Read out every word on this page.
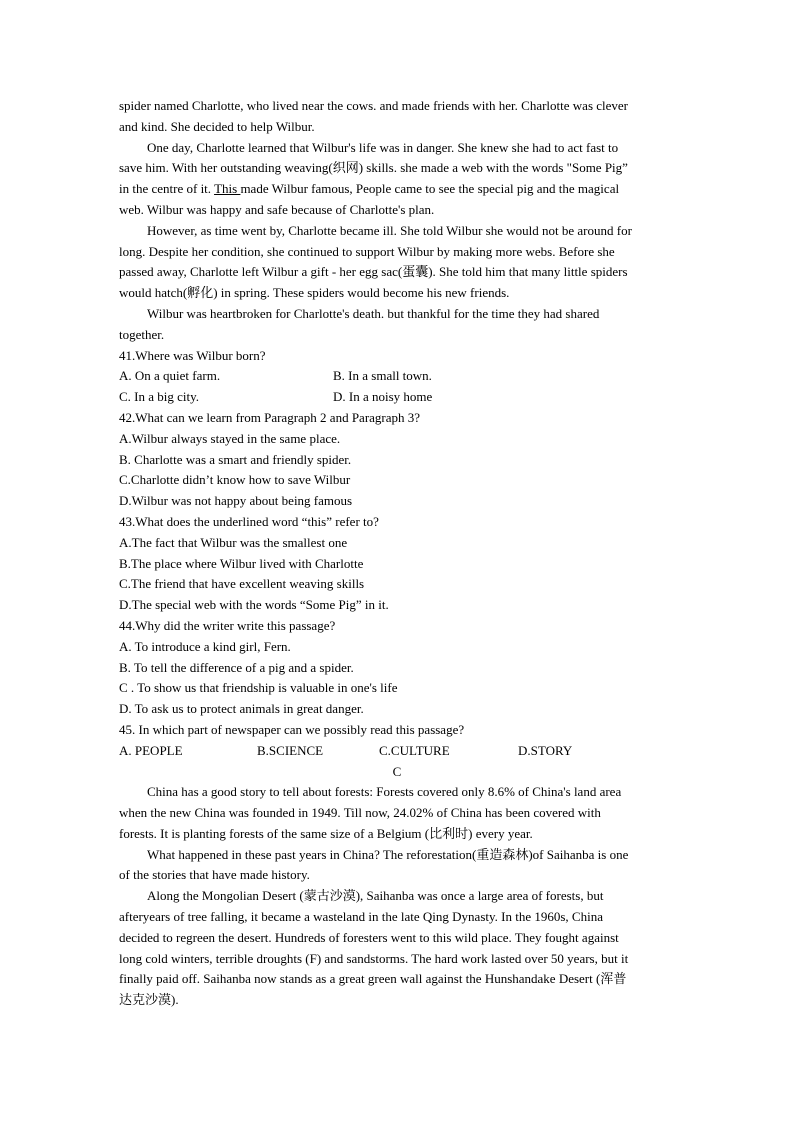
spider named Charlotte, who lived near the cows. and made friends with her. Charlotte was clever
and kind. She decided to help Wilbur.
One day, Charlotte learned that Wilbur's life was in danger. She knew she had to act fast to
save him. With her outstanding weaving(织网) skills. she made a web with the words "Some Pig”
in the centre of it. This made Wilbur famous, People came to see the special pig and the magical
web. Wilbur was happy and safe because of Charlotte's plan.
However, as time went by, Charlotte became ill. She told Wilbur she would not be around for
long. Despite her condition, she continued to support Wilbur by making more webs. Before she
passed away, Charlotte left Wilbur a gift - her egg sac(蛋囊). She told him that many little spiders
would hatch(孵化) in spring. These spiders would become his new friends.
Wilbur was heartbroken for Charlotte's death. but thankful for the time they had shared
together.
41.Where was Wilbur born?
A. On a quiet farm.	B. In a small town.
C. In a big city.	D. In a noisy home
42.What can we learn from Paragraph 2 and Paragraph 3?
A.Wilbur always stayed in the same place.
B. Charlotte was a smart and friendly spider.
C.Charlotte didn’t know how to save Wilbur
D.Wilbur was not happy about being famous
43.What does the underlined word “this” refer to?
A.The fact that Wilbur was the smallest one
B.The place where Wilbur lived with Charlotte
C.The friend that have excellent weaving skills
D.The special web with the words “Some Pig” in it.
44.Why did the writer write this passage?
A. To introduce a kind girl, Fern.
B. To tell the difference of a pig and a spider.
C . To show us that friendship is valuable in one's life
D. To ask us to protect animals in great danger.
45. In which part of newspaper can we possibly read this passage?
A. PEOPLE	B.SCIENCE	C.CULTURE	D.STORY
C
China has a good story to tell about forests: Forests covered only 8.6% of China's land area
when the new China was founded in 1949. Till now, 24.02% of China has been covered with
forests. It is planting forests of the same size of a Belgium (比利时) every year.
What happened in these past years in China? The reforestation(重造森林)of Saihanba is one
of the stories that have made history.
Along the Mongolian Desert (蒙古沙漠), Saihanba was once a large area of forests, but
afteryears of tree falling, it became a wasteland in the late Qing Dynasty. In the 1960s, China
decided to regreen the desert. Hundreds of foresters went to this wild place. They fought against
long cold winters, terrible droughts (F) and sandstorms. The hard work lasted over 50 years, but it
finally paid off. Saihanba now stands as a great green wall against the Hunshandake Desert (浑普
达克沙漠).
